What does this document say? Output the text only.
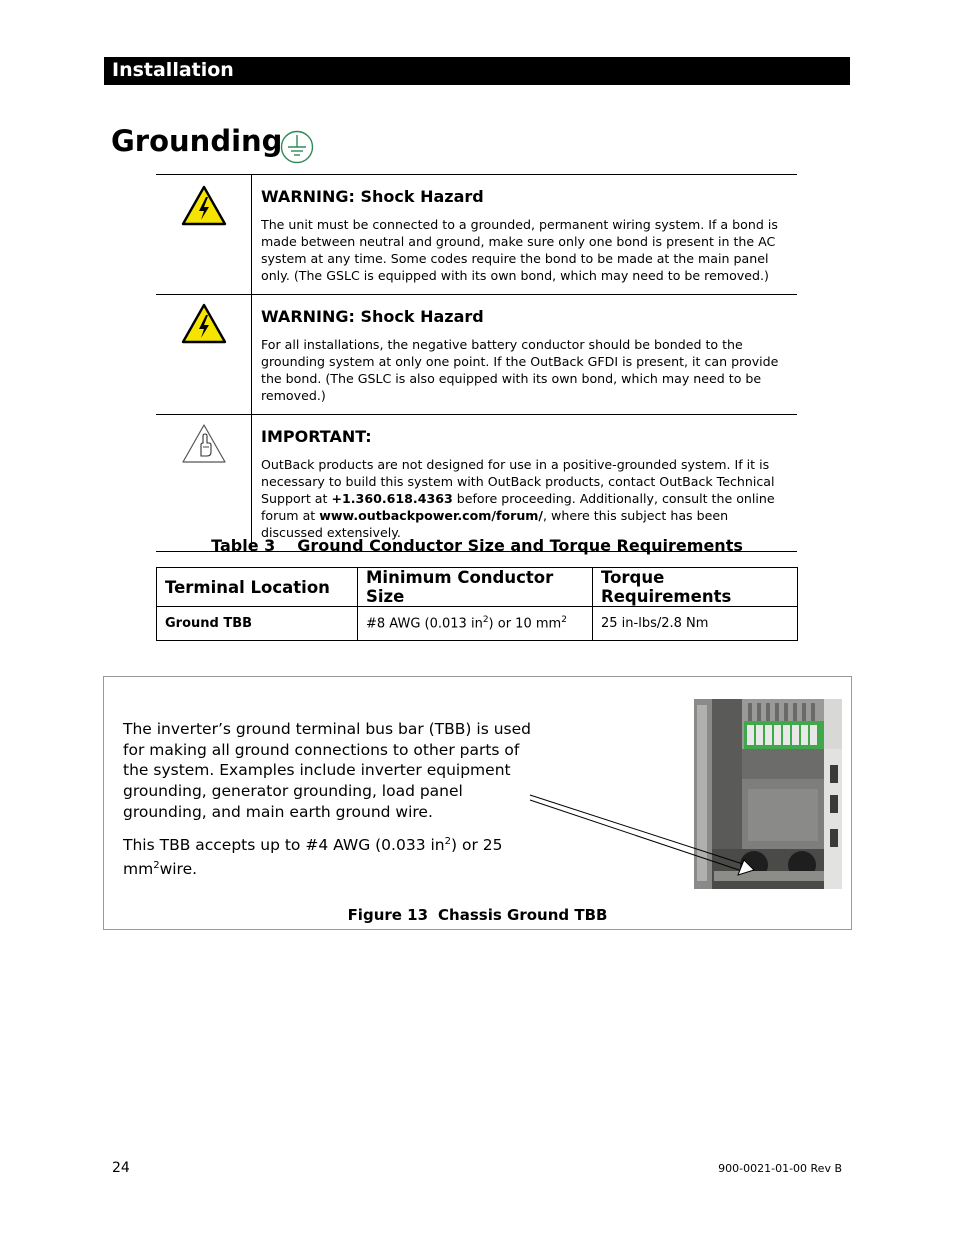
Installation
Grounding

WARNING: Shock Hazard

The unit must be connected to a grounded, permanent wiring system. If a bond is made between neutral and ground, make sure only one bond is present in the AC system at any time. Some codes require the bond to be made at the main panel only. (The GSLC is equipped with its own bond, which may need to be removed.)

WARNING: Shock Hazard

For all installations, the negative battery conductor should be bonded to the grounding system at only one point. If the OutBack GFDI is present, it can provide the bond. (The GSLC is also equipped with its own bond, which may need to be removed.)

IMPORTANT:

OutBack products are not designed for use in a positive-grounded system. If it is necessary to build this system with OutBack products, contact OutBack Technical Support at +1.360.618.4363 before proceeding. Additionally, consult the online forum at www.outbackpower.com/forum/, where this subject has been discussed extensively.

Table 3 Ground Conductor Size and Torque Requirements
Terminal Location	Minimum Conductor Size	Torque Requirements
Ground TBB	#8 AWG (0.013 $in^2$) or 10 $mm^2$	25 in-lbs/2.8 Nm

The inverter’s ground terminal bus bar (TBB) is used for making all ground connections to other parts of the system. Examples include inverter equipment grounding, generator grounding, load panel grounding, and main earth ground wire.

This TBB accepts up to #4 AWG (0.033 $in^2$) or 25 $mm^2wire$.

Figure 13 Chassis Ground TBB
24	900-0021-01-00 Rev B
